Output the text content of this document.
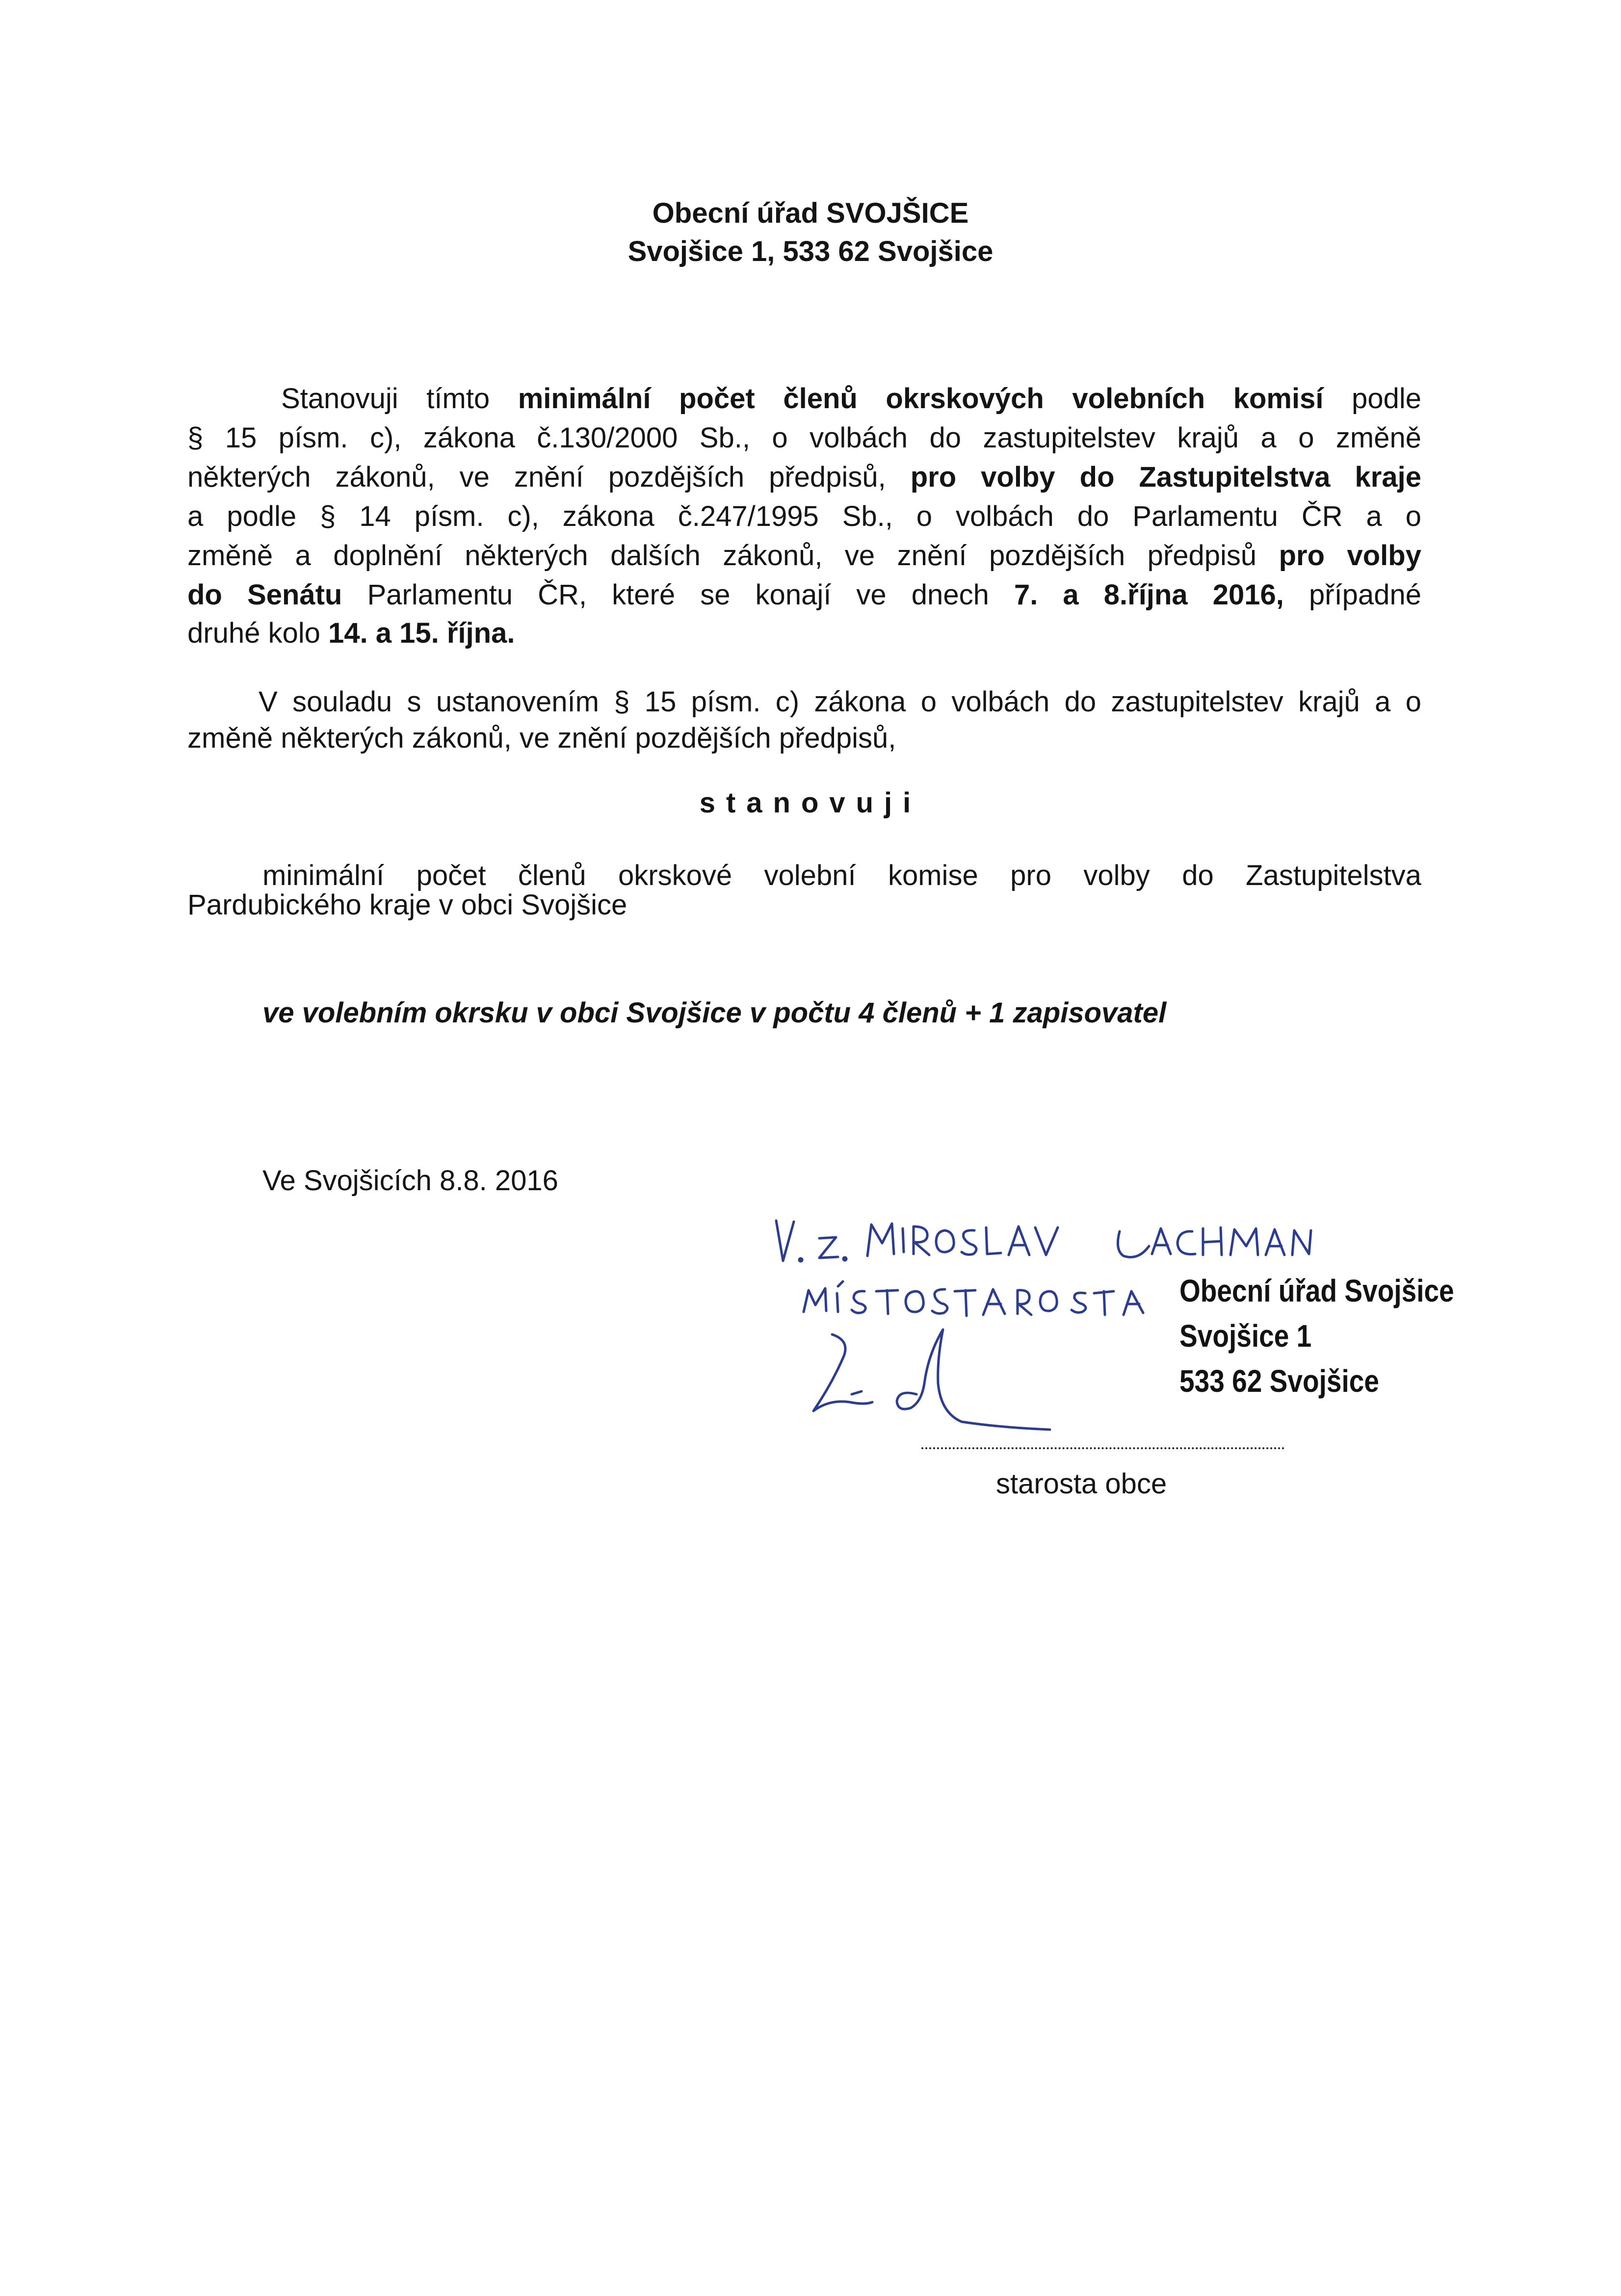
Obecní úřad SVOJŠICE
Svojšice 1, 533 62 Svojšice
Stanovuji tímto minimální počet členů okrskových volebních komisí podle
§ 15 písm. c), zákona č.130/2000 Sb., o volbách do zastupitelstev krajů a o změně
některých zákonů, ve znění pozdějších předpisů, pro volby do Zastupitelstva kraje
a podle § 14 písm. c), zákona č.247/1995 Sb., o volbách do Parlamentu ČR a o
změně a doplnění některých dalších zákonů, ve znění pozdějších předpisů pro volby
do Senátu Parlamentu ČR, které se konají ve dnech 7. a 8.října 2016, případné
druhé kolo 14. a 15. října.
V souladu s ustanovením § 15 písm. c) zákona o volbách do zastupitelstev krajů a o
změně některých zákonů, ve znění pozdějších předpisů,
stanovuji
minimální počet členů okrskové volební komise pro volby do Zastupitelstva
Pardubického kraje v obci Svojšice
ve volebním okrsku v obci Svojšice v počtu 4 členů + 1 zapisovatel
Ve Svojšicích 8.8. 2016
Obecní úřad Svojšice
Svojšice 1
533 62 Svojšice
starosta obce
